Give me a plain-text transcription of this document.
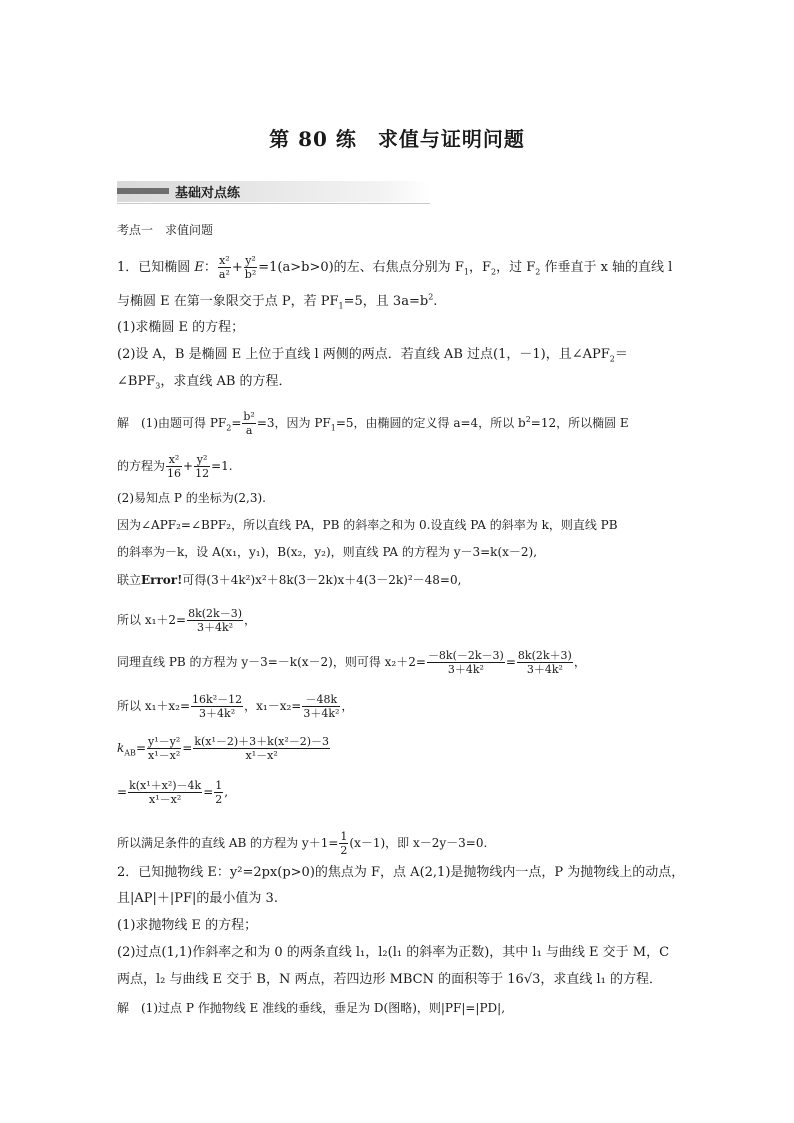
第 80 练　求值与证明问题
基础对点练
考点一　求值问题
1．已知椭圆 E： $\frac{\text{x²}}{\text{a²}} + \frac{\text{y²}}{\text{b²}} =1(a>b>0)$的左、右焦点分别为 $F_1$，$F_2$，过 $F_2$ 作垂直于 x 轴的直线 l
与椭圆 E 在第一象限交于点 P，若 $PF_1=5$，且 $3a=b^2$.
(1)求椭圆 E 的方程；
(2)设 A，B 是椭圆 E 上位于直线 l 两侧的两点．若直线 AB 过点(1，－1)，且$\angle APF_2=$
$\angle BPF_3$，求直线 AB 的方程．
解　(1)由题可得 $PF_2= \frac{\text{b²}}{a} =3$，因为 $PF_1=5$，由椭圆的定义得 a=4，所以 $b^2=12$，所以椭圆 E
的方程为 $\frac{\text{x²}}{16} + \frac{\text{y²}}{12} =1$.
(2)易知点 P 的坐标为(2,3).
因为∠APF₂=∠BPF₂，所以直线 PA，PB 的斜率之和为 0.设直线 PA 的斜率为 k，则直线 PB
的斜率为－k，设 A(x₁，y₁)，B(x₂，y₂)，则直线 PA 的方程为 y－3=k(x－2),
联立Error!可得(3＋4k²)x²＋8k(3－2k)x＋4(3－2k)²－48=0,
所以 $x_1+2= \frac{8k(2k-3)}{\text{3＋4k²}}$ ，
同理直线 PB 的方程为 y－3=－k(x－2)，则可得 $x_2+2= \frac{-8k(-2k-3)}{\text{3＋4k²}} = \frac{8k(2k+3)}{\text{3＋4k²}}$ ，
所以 $x_1+x_2= \frac{\text{16k²－12}}{\text{3＋4k²}}$ ，$x_1-x_2= \frac{-48k}{\text{3＋4k²}}$ ，
$k_{AB}= \frac{\text{y¹－y²}}{\text{x¹－x²}} = \frac{\text{k(x¹－2)＋3＋k(x²－2)－3}}{\text{x¹－x²}}$
= $\frac{\text{k(x¹＋x²)－4k}}{\text{x¹－x²}} = \frac{1}{2}$ ,
所以满足条件的直线 AB 的方程为 $y+1= \frac{1}{2} (x-1)$，即 x－2y－3=0.
2．已知抛物线 E：y²=2px(p>0)的焦点为 F，点 A(2,1)是抛物线内一点，P 为抛物线上的动点，
且|AP|＋|PF|的最小值为 3.
(1)求抛物线 E 的方程；
(2)过点(1,1)作斜率之和为 0 的两条直线 l₁，l₂(l₁ 的斜率为正数)，其中 l₁ 与曲线 E 交于 M，C
两点，l₂ 与曲线 E 交于 B，N 两点，若四边形 MBCN 的面积等于 16√3，求直线 l₁ 的方程．
解　(1)过点 P 作抛物线 E 准线的垂线，垂足为 D(图略)，则|PF|=|PD|,
